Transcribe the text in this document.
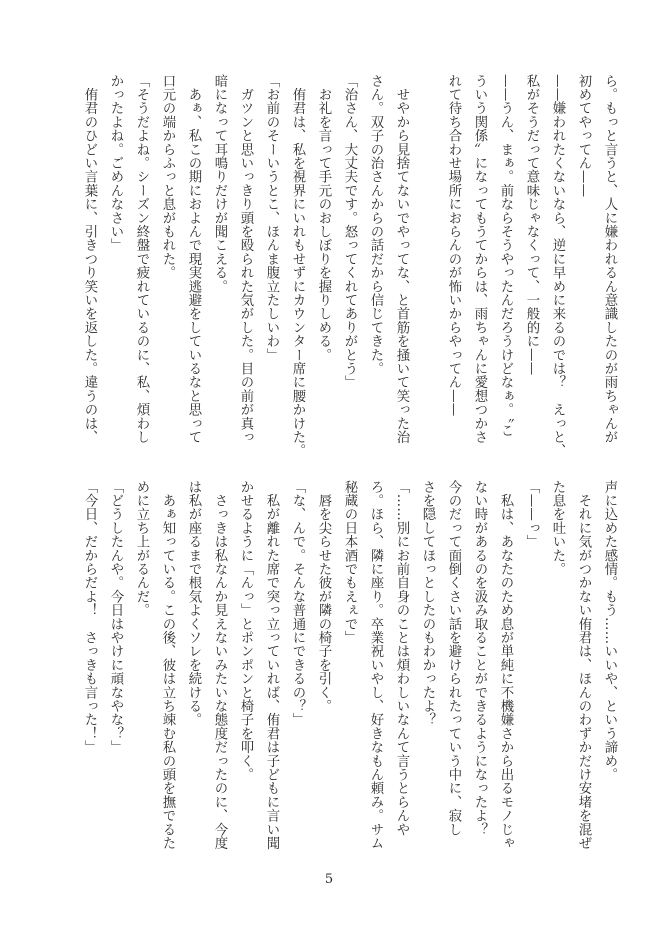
ら。もっと言うと、人に嫌われるん意識したのが雨ちゃんが
初めてやってん——
——嫌われたくないなら、逆に早めに来るのでは？　えっと、
私がそうだって意味じゃなくって、一般的に——
——うん、まぁ。前ならそうやったんだろうけどなぁ。〝こ
ういう関係〟になってもうてからは、雨ちゃんに愛想つかさ
れて待ち合わせ場所におらんのが怖いからやってん——
　せやから見捨てないでやってな、と首筋を掻いて笑った治
さん。双子の治さんからの話だから信じてきた。
「治さん、大丈夫です。怒ってくれてありがとう」
　お礼を言って手元のおしぼりを握りしめる。
　侑君は、私を視界にいれもせずにカウンター席に腰かけた。
「お前のそーいうとこ、ほんま腹立たしいわ」
　ガツンと思いっきり頭を殴られた気がした。目の前が真っ
暗になって耳鳴りだけが聞こえる。
　あぁ、私この期におよんで現実逃避をしているなと思って
口元の端からふっと息がもれた。
「そうだよね。シーズン終盤で疲れているのに、私、煩わし
かったよね。ごめんなさい」
　侑君のひどい言葉に、引きつり笑いを返した。違うのは、
声に込めた感情。もう……いいや、という諦め。
　それに気がつかない侑君は、ほんのわずかだけ安堵を混ぜ
た息を吐いた。
「——っ」
　私は、あなたのため息が単純に不機嫌さから出るモノじゃ
ない時があるのを汲み取ることができるようになったよ？
今のだって面倒くさい話を避けられたっていう中に、寂し
さを隠してほっとしたのもわかったよ？
「……別にお前自身のことは煩わしいなんて言うとらんや
ろ。ほら、隣に座り。卒業祝いやし、好きなもん頼み。サム
秘蔵の日本酒でもえぇで」
　唇を尖らせた彼が隣の椅子を引く。
「な、んで。そんな普通にできるの？」
　私が離れた席で突っ立っていれば、侑君は子どもに言い聞
かせるように「んっ」とポンポンと椅子を叩く。
　さっきは私なんか見えないみたいな態度だったのに、今度
は私が座るまで根気よくソレを続ける。
　あぁ知っている。この後、彼は立ち竦む私の頭を撫でるた
めに立ち上がるんだ。
「どうしたんや。今日はやけに頑なやな？」
「今日、だからだよ！　さっきも言った！」
5
